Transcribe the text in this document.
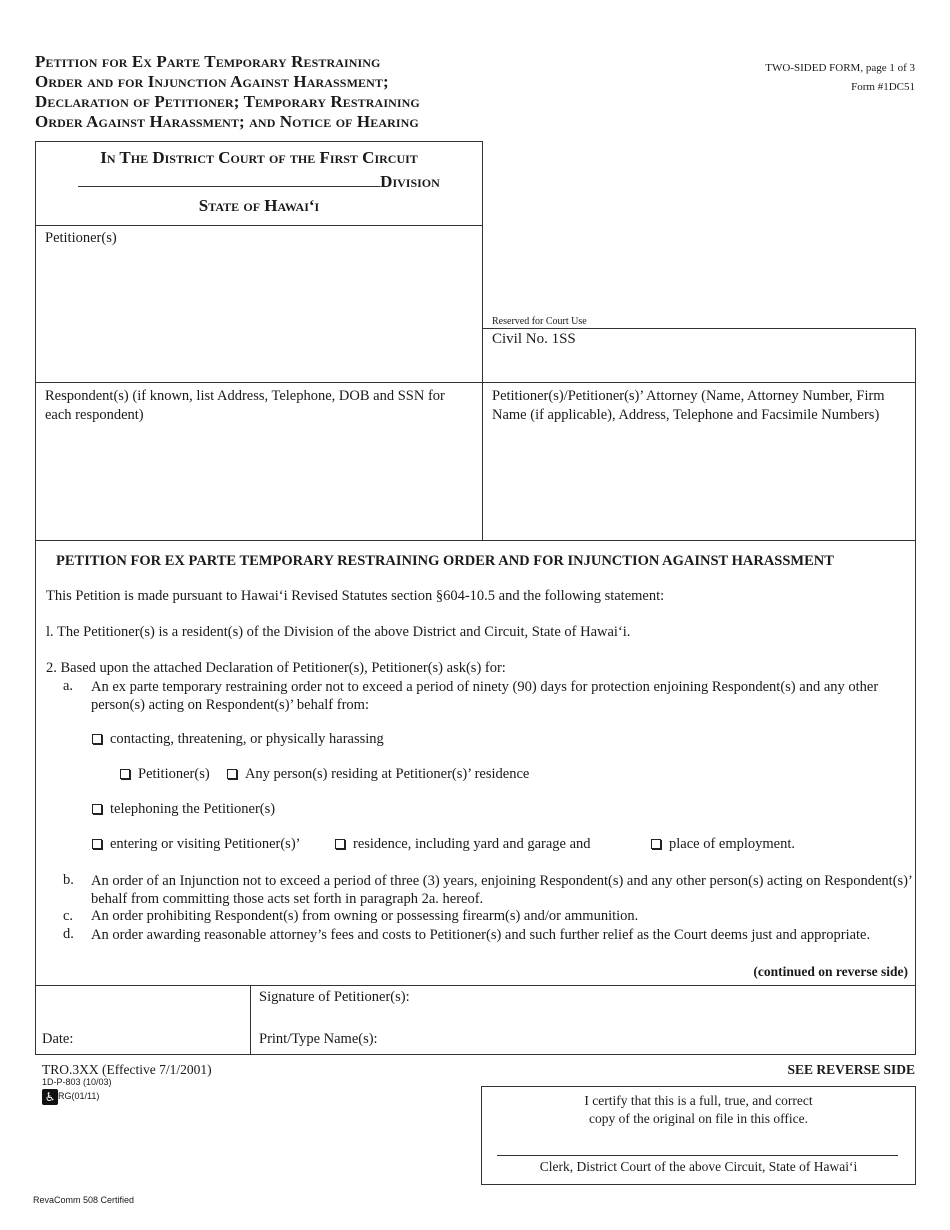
Petition for Ex Parte Temporary Restraining
Order and for Injunction Against Harassment;
Declaration of Petitioner; Temporary Restraining
Order Against Harassment; and Notice of Hearing
TWO-SIDED FORM, page 1 of 3
Form #1DC51
In The District Court of the First Circuit
Division
State of Hawai‘i
Petitioner(s)
Reserved for Court Use
Civil No. 1SS
Respondent(s) (if known, list Address, Telephone, DOB and SSN for each respondent)
Petitioner(s)/Petitioner(s)’ Attorney (Name, Attorney Number, Firm Name (if applicable), Address, Telephone and Facsimile Numbers)
PETITION FOR EX PARTE TEMPORARY RESTRAINING ORDER AND FOR INJUNCTION AGAINST HARASSMENT
This Petition is made pursuant to Hawai‘i Revised Statutes section §604-10.5 and the following statement:
l. The Petitioner(s) is a resident(s) of the Division of the above District and Circuit, State of Hawai‘i.
2. Based upon the attached Declaration of Petitioner(s), Petitioner(s) ask(s) for:
a. An ex parte temporary restraining order not to exceed a period of ninety (90) days for protection enjoining Respondent(s) and any other person(s) acting on Respondent(s)’ behalf from:
contacting, threatening, or physically harassing
Petitioner(s) Any person(s) residing at Petitioner(s)’ residence
telephoning the Petitioner(s)
entering or visiting Petitioner(s)’	residence, including yard and garage and	place of employment.
b. An order of an Injunction not to exceed a period of three (3) years, enjoining Respondent(s) and any other person(s) acting on Respondent(s)’ behalf from committing those acts set forth in paragraph 2a. hereof.
c. An order prohibiting Respondent(s) from owning or possessing firearm(s) and/or ammunition.
d. An order awarding reasonable attorney’s fees and costs to Petitioner(s) and such further relief as the Court deems just and appropriate.
(continued on reverse side)
Date:
Signature of Petitioner(s):
Print/Type Name(s):
TRO.3XX (Effective 7/1/2001)
1D-P-803 (10/03)
♿ RG(01/11)
SEE REVERSE SIDE
I certify that this is a full, true, and correct
copy of the original on file in this office.
Clerk, District Court of the above Circuit, State of Hawai‘i
RevaComm 508 Certified
